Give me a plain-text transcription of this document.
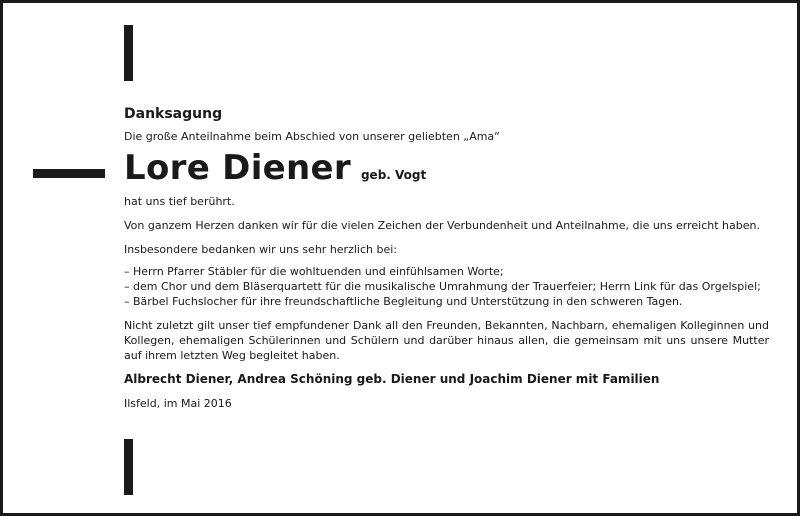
Danksagung
Die große Anteilnahme beim Abschied von unserer geliebten „Ama“
Lore Diener geb. Vogt
hat uns tief berührt.
Von ganzem Herzen danken wir für die vielen Zeichen der Verbundenheit und Anteilnahme, die uns erreicht haben.
Insbesondere bedanken wir uns sehr herzlich bei:
– Herrn Pfarrer Stäbler für die wohltuenden und einfühlsamen Worte;
– dem Chor und dem Bläserquartett für die musikalische Umrahmung der Trauerfeier; Herrn Link für das Orgelspiel;
– Bärbel Fuchslocher für ihre freundschaftliche Begleitung und Unterstützung in den schweren Tagen.
Nicht zuletzt gilt unser tief empfundener Dank all den Freunden, Bekannten, Nachbarn, ehemaligen Kolleginnen und Kollegen, ehemaligen Schülerinnen und Schülern und darüber hinaus allen, die gemeinsam mit uns unsere Mutter auf ihrem letzten Weg begleitet haben.
Albrecht Diener, Andrea Schöning geb. Diener und Joachim Diener mit Familien
Ilsfeld, im Mai 2016
